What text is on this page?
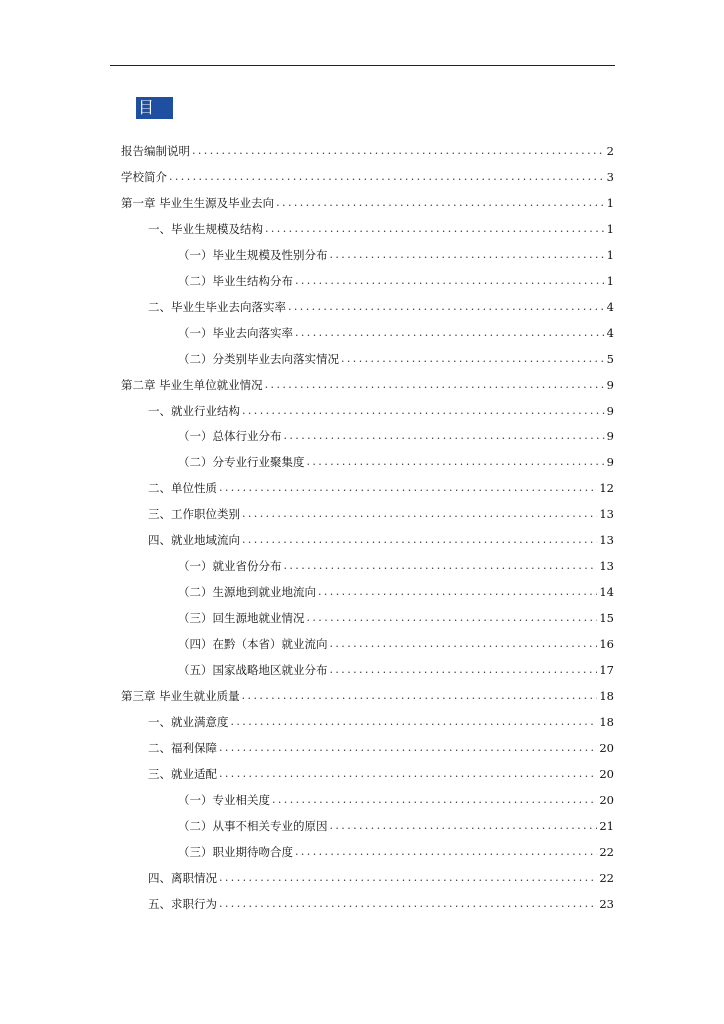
目
报告编制说明 .....	2
学校简介 .....	3
第一章 毕业生生源及毕业去向 .....	1
一、毕业生规模及结构 .....	1
（一）毕业生规模及性别分布 .....	1
（二）毕业生结构分布 .....	1
二、毕业生毕业去向落实率 .....	4
（一）毕业去向落实率 .....	4
（二）分类别毕业去向落实情况 .....	5
第二章 毕业生单位就业情况 .....	9
一、就业行业结构 .....	9
（一）总体行业分布 .....	9
（二）分专业行业聚集度 .....	9
二、单位性质 .....	12
三、工作职位类别 .....	13
四、就业地域流向 .....	13
（一）就业省份分布 .....	13
（二）生源地到就业地流向 .....	14
（三）回生源地就业情况 .....	15
（四）在黔（本省）就业流向 .....	16
（五）国家战略地区就业分布 .....	17
第三章 毕业生就业质量 .....	18
一、就业满意度 .....	18
二、福利保障 .....	20
三、就业适配 .....	20
（一）专业相关度 .....	20
（二）从事不相关专业的原因 .....	21
（三）职业期待吻合度 .....	22
四、离职情况 .....	22
五、求职行为 .....	23
